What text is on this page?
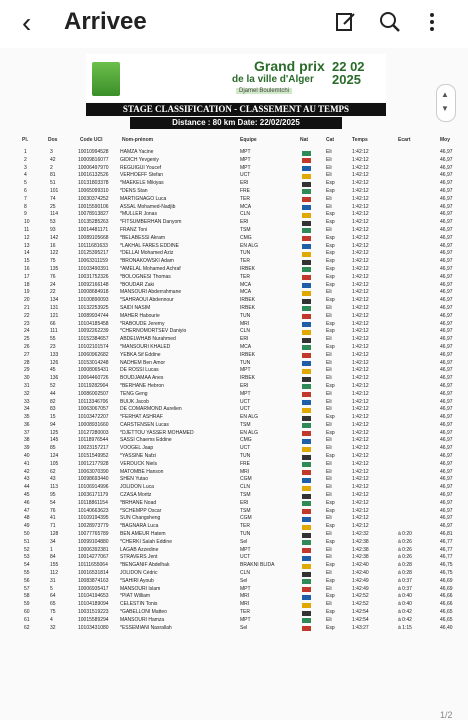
‹ Arrivee
Grand prix
de la ville d'Alger
22 02 2025
Djamel Boulemtchi
STAGE CLASSIFICATION - CLASSEMENT AU TEMPS
Distance : 80 km Date: 22/02/2025
Pl.	Dos	Code UCI	Nom-prénom	Equipe	Nat	Cat	Temps	Ecart	Moy
1	3	10010994528 HAMZA Yacine	MPT	Eli	1:42:12	46,97
2	42	10009816077 GIDICH Yevgeniy	MPT	Eli	1:42:12	46,97
3	2	10006497970 REGUIGUI Youcef	MPT	Eli	1:42:12	46,97
4	81	10016132526 VERHOEFF Stefan	UCT	Eli	1:42:12	46,97
5	51	10131803378 *MAEKELE Mikiyas	ERI	Esp	1:42:12	46,97
6	101	10065099310 *DENS Stan	FRE	Esp	1:42:12	46,97
7	74	10030374252 MARTIGNAGO Luca	TER	Eli	1:42:12	46,97
8	25	10015590106 ASSAL Mohamed-Nadjib	MCA	Eli	1:42:12	46,97
9	114	10078913827 *MULLER Jonas	CLN	Esp	1:42:12	46,97
10	53	10135285263 *FITSUMBERHAN Danyom	ERI	Esp	1:42:12	46,97
11	93	10014481171 FRANZ Toni	TSM	Eli	1:42:12	46,97
12	142	10089105668 *BELABESSI Akram	CMG	Esp	1:42:12	46,97
13	16	10111681633 *LAKHAL FARES EDDINE	EN ALG	Esp	1:42:12	46,97
14	122	10125395217 *DELLAI Mohamed Aziz	TUN	Esp	1:42:12	46,97
15	75	10063311159 *BRONAKOWSKI Adam	TER	Esp	1:42:12	46,97
16	135	10103490391 *AMELAL Mohamed Achraf	IRBEK	Esp	1:42:12	46,97
17	76	10031752326 *BOLOGNESI Thomas	TER	Esp	1:42:12	46,97
18	24	10092166148 *BOUDAR Zaki	MCA	Esp	1:42:12	46,97
19	22	10008684918 MANSOURI Abderrahmane	MCA	Eli	1:42:12	46,97
20	134	10100890093 *SAHRAOUI Abdennour	IRBEK	Esp	1:42:12	46,97
21	131	10132253925 SAIDI NASIM	IRBEK	Eli	1:42:12	46,97
22	121	10089934744 MAHER Habourie	TUN	Eli	1:42:12	46,97
23	66	10104185458 *RABOUDE Jeremy	MRI	Esp	1:42:12	46,97
24	111	10092262239 *CHERNOMORTSEV Daniyio	CLN	Esp	1:42:12	46,97
25	55	10152384657 ABDELWHAB Nurahmed	ERI	Eli	1:42:12	46,97
26	23	10102101574 *MANSOURI KHALED	MCA	Esp	1:42:12	46,97
27	133	10060962682 YEBKA Sif Eddine	IRBEK	Eli	1:42:12	46,97
28	126	10153014248 NADHEM Ben Amor	TUN	Eli	1:42:12	46,97
29	45	10008065431 DE ROSSI Lucas	MPT	Eli	1:42:12	46,97
30	136	10064460726 BOUDJAMAA Anes	IRBEK	Eli	1:42:12	46,97
31	52	10119282904 *BERHANE Hebron	ERI	Esp	1:42:12	46,97
32	44	10086002507 TENG Geng	MPT	Eli	1:42:12	46,97
33	82	10113346706 BUIJK Jacob	UCT	Eli	1:42:12	46,97
34	83	10063067057 DE COMARMOND Aurelien	UCT	Eli	1:42:12	46,97
35	15	10103472207 *FERHAT ASHRAF	EN ALG	Esp	1:42:12	46,97
36	94	10008931660 CARSTENSEN Lucas	TSM	Eli	1:42:12	46,97
37	125	10127280003 *DJETTOU YASSER MOHAMED	EN ALG	Esp	1:42:12	46,97
38	145	10118976544 SASSI Chaems Eddine	CMG	Eli	1:42:12	46,97
39	85	10023157217 VOOGEL Jaap	UCT	Eli	1:42:12	46,97
40	124	10151549952 *YASSINE Nafzi	TUN	Esp	1:42:12	46,97
41	105	10012177928 VERDUCK Niels	FRE	Eli	1:42:12	46,97
42	62	10063070390 MATOMBE Hanson	MRI	Eli	1:42:12	46,97
43	43	10098693440 SHEN Yutao	CGM	Eli	1:42:12	46,97
44	113	10106914996 JOLIDON Luca	CLN	Eli	1:42:12	46,97
45	95	10036171179 CZASA Moritz	TSM	Eli	1:42:12	46,97
46	54	10118861154 *BRHANE Noad	ERI	Esp	1:42:12	46,97
47	76	10140663623 *SCHEMPP Oscar	TSM	Esp	1:42:12	46,97
48	41	10109194395 SUN Changsheng	CGM	Eli	1:42:12	46,97
49	71	10028973779 *BAGNARA Luca	TER	Esp	1:42:12	46,97
50	128	10077765789 BEN AMEUR Hatem	TUN	Eli	1:42:32	à 0:20	46,81
51	34	10099104880 *CHERKI Salah Eddine	Sel	Esp	1:42:38	à 0:26	46,77
52	1	10006392381 LAGAB Azzedine	MPT	Eli	1:42:38	à 0:26	46,77
53	84	10014277067 STRAVERS Jent	UCT	Eli	1:42:38	à 0:26	46,77
54	155	10111655064 *BENGANIF Abdelhak	BRAKNI BLIDA	Esp	1:42:40	à 0:28	46,75
55	112	10016531814 JOLIDON Cédric	CLN	Eli	1:42:40	à 0:28	46,75
56	31	10083874163 *SAHIRI Ayoub	Sel	Esp	1:42:49	à 0:37	46,69
57	5	10006935417 MANSOURI Islam	MPT	Eli	1:42:49	à 0:37	46,69
58	64	10104194653 *PIAT William	MRI	Esp	1:42:52	à 0:40	46,66
59	65	10104189094 CELESTIN Tonis	MRI	Eli	1:42:52	à 0:40	46,66
60	75	10031519223 *GABELLONI Matteo	TER	Esp	1:42:54	à 0:42	46,65
61	4	10015589294 MANSOURI Hamza	MPT	Eli	1:42:54	à 0:42	46,65
62	32	10103431080 *ESSEMIANI Nasrallah	Sel	Esp	1:43:27	à 1:15	46,40
▲
▼
1/2
